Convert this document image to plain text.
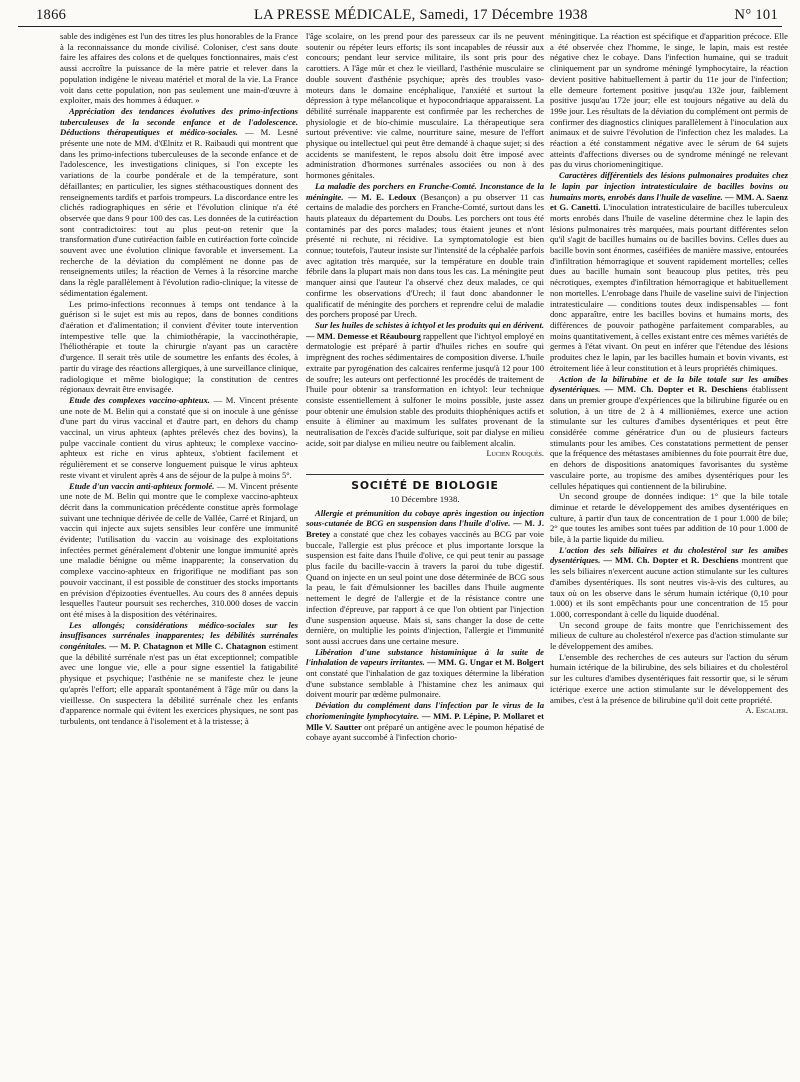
1866	LA PRESSE MÉDICALE, Samedi, 17 Décembre 1938	N° 101

sable des indigènes est l'un des titres les plus honorables de la France à la reconnaissance du monde civilisé. Coloniser, c'est sans doute faire les affaires des colons et de quelques fonctionnaires, mais c'est aussi accroître la puissance de la mère patrie et relever dans la population indigène le niveau matériel et moral de la vie. La France voit dans cette population, non pas seulement une main-d'œuvre à exploiter, mais des hommes à éduquer. »

Appréciation des tendances évolutives des primo-infections tuberculeuses de la seconde enfance et de l'adolescence. Déductions thérapeutiques et médico-sociales. — M. Lesné présente une note de MM. d'Œlnitz et R. Raibaudi qui montrent que dans les primo-infections tuberculeuses de la seconde enfance et de l'adolescence, les investigations cliniques, si l'on excepte les variations de la courbe pondérale et de la température, sont défaillantes; en particulier, les signes stéthacoustiques donnent des renseignements tardifs et parfois trompeurs. La discordance entre les clichés radiographiques en série et l'évolution clinique n'a été observée que dans 9 pour 100 des cas. Les données de la cutiréaction sont contradictoires: tout au plus peut-on retenir que la transformation d'une cutiréaction faible en cutiréaction forte coïncide souvent avec une évolution clinique favorable et inversement. La recherche de la déviation du complément ne donne pas de renseignements utiles; la réaction de Vernes à la résorcine marche dans la règle parallèlement à l'évolution radio-clinique; la vitesse de sédimentation également.

Les primo-infections reconnues à temps ont tendance à la guérison si le sujet est mis au repos, dans de bonnes conditions d'aération et d'alimentation; il convient d'éviter toute intervention intempestive telle que la chimiothérapie, la vaccinothérapie, l'héliothérapie et toute la chirurgie n'ayant pas un caractère d'urgence. Il serait très utile de soumettre les enfants des écoles, à partir du virage des réactions allergiques, à une surveillance clinique, radiologique et même biologique; la constitution de centres régionaux devrait être envisagée.

Etude des complexes vaccino-aphteux. — M. Vincent présente une note de M. Belin qui a constaté que si on inocule à une génisse d'une part du virus vaccinal et d'autre part, en dehors du champ vaccinal, un virus aphteux (aphtes prélevés chez des bovins), la pulpe vaccinale contient du virus aphteux; le complexe vaccino-aphteux est riche en virus aphteux, s'obtient facilement et régulièrement et se conserve longuement puisque le virus aphteux reste vivant et virulent après 4 ans de séjour de la pulpe à moins 5°.

Etude d'un vaccin anti-aphteux formolé. — M. Vincent présente une note de M. Belin qui montre que le complexe vaccino-aphteux décrit dans la communication précédente constitue après formolage suivant une technique dérivée de celle de Vallée, Carré et Rinjard, un vaccin qui injecte aux sujets sensibles leur confère une immunité évidente; l'utilisation du vaccin au voisinage des exploitations infectées permet généralement d'obtenir une longue immunité après une maladie bénigne ou même inapparente; la conservation du complexe vaccino-aphteux en frigorifique ne modifiant pas son pouvoir vaccinant, il est possible de constituer des stocks importants en prévision d'épizooties éventuelles. Au cours des 8 années depuis lesquelles l'auteur poursuit ses recherches, 310.000 doses de vaccin ont été mises à la disposition des vétérinaires.

Les allongés; considérations médico-sociales sur les insuffisances surrénales inapparentes; les débilités surrénales congénitales. — M. P. Chatagnon et Mlle C. Chatagnon estiment que la débilité surrénale n'est pas un état exceptionnel; compatible avec une longue vie, elle a pour signe essentiel la fatigabilité physique et psychique; l'asthénie ne se manifeste chez le jeune qu'après l'effort; elle apparaît spontanément à l'âge mûr ou dans la vieillesse. On suspectera la débilité surrénale chez les enfants d'apparence normale qui évitent les exercices physiques, ne sont pas turbulents, ont tendance à l'isolement et à la tristesse; à

l'âge scolaire, on les prend pour des paresseux car ils ne peuvent soutenir ou répéter leurs efforts; ils sont incapables de réussir aux concours; pendant leur service militaire, ils sont pris pour des carottiers. A l'âge mûr et chez le vieillard, l'asthénie musculaire se double souvent d'asthénie psychique; après des troubles vaso-moteurs dans le domaine encéphalique, l'anxiété et surtout la dépression à type mélancolique et hypocondriaque apparaissent. La débilité surrénale inapparente est confirmée par les recherches de physiologie et de bio-chimie musculaire. La thérapeutique sera surtout préventive: vie calme, nourriture saine, mesure de l'effort physique ou intellectuel qui peut être demandé à chaque sujet; si des accidents se manifestent, le repos absolu doit être imposé avec administration d'hormones surrénales associées ou non à des hormones génitales.

La maladie des porchers en Franche-Comté. Inconstance de la méningite. — M. E. Ledoux (Besançon) a pu observer 11 cas certains de maladie des porchers en Franche-Comté, surtout dans les hauts plateaux du département du Doubs. Les porchers ont tous été contaminés par des porcs malades; tous étaient jeunes et n'ont présenté ni rechute, ni récidive. La symptomatologie est bien connue; toutefois, l'auteur insiste sur l'intensité de la céphalée parfois avec agitation très marquée, sur la température en double train fébrile dans la plupart mais non dans tous les cas. La méningite peut manquer ainsi que l'auteur l'a observé chez deux malades, ce qui confirme les observations d'Urech; il faut donc abandonner le qualificatif de méningite des porchers et reprendre celui de maladie des porchers proposé par Urech.

Sur les huiles de schistes à ichtyol et les produits qui en dérivent. — MM. Demesse et Réaubourg rappellent que l'ichtyol employé en dermatologie est préparé à partir d'huiles riches en soufre qui imprègnent des roches sédimentaires de composition diverse. L'huile extraite par pyrogénation des calcaires renferme jusqu'à 12 pour 100 de soufre; les auteurs ont perfectionné les procédés de traitement de l'huile pour obtenir sa transformation en ichtyol: leur technique consiste essentiellement à sulfoner le moins possible, juste assez pour obtenir une émulsion stable des produits thiophéniques actifs et ensuite à éliminer au maximum les sulfates provenant de la neutralisation de l'excès d'acide sulfurique, soit par dialyse en milieu acide, soit par dialyse en milieu neutre ou faiblement alcalin.

Lucien Rouquès.
SOCIÉTÉ DE BIOLOGIE
10 Décembre 1938.

Allergie et prémunition du cobaye après ingestion ou injection sous-cutanée de BCG en suspension dans l'huile d'olive. — M. J. Bretey a constaté que chez les cobayes vaccinés au BCG par voie buccale, l'allergie est plus précoce et plus importante lorsque la suspension est faite dans l'huile d'olive, ce qui peut tenir au passage plus facile du bacille-vaccin à travers la paroi du tube digestif. Quand on injecte en un seul point une dose déterminée de BCG sous la peau, le fait d'émulsionner les bacilles dans l'huile augmente nettement le degré de l'allergie et de la résistance contre une infection d'épreuve, par rapport à ce que l'on obtient par l'injection d'une suspension aqueuse. Mais si, sans changer la dose de cette dernière, on multiplie les points d'injection, l'allergie et l'immunité sont aussi accrues dans une certaine mesure.

Libération d'une substance histaminique à la suite de l'inhalation de vapeurs irritantes. — MM. G. Ungar et M. Bolgert ont constaté que l'inhalation de gaz toxiques détermine la libération d'une substance semblable à l'histamine chez les animaux qui doivent mourir par œdème pulmonaire.

Déviation du complément dans l'infection par le virus de la choriomeningite lymphocytaire. — MM. P. Lépine, P. Mollaret et Mlle V. Sautter ont préparé un antigène avec le poumon hépatisé de cobaye ayant succombé à l'infection chorio-

méningitique. La réaction est spécifique et d'apparition précoce. Elle a été observée chez l'homme, le singe, le lapin, mais est restée négative chez le cobaye. Dans l'infection humaine, qui se traduit cliniquement par un syndrome méningé lymphocytaire, la réaction devient positive habituellement à partir du 11e jour de l'infection; elle demeure fortement positive jusqu'au 132e jour, faiblement positive jusqu'au 172e jour; elle est toujours négative au delà du 199e jour. Les résultats de la déviation du complément ont permis de confirmer des diagnostics cliniques parallèlement à l'inoculation aux animaux et de suivre l'évolution de l'infection chez les malades. La réaction a été constamment négative avec le sérum de 64 sujets atteints d'affections diverses ou de syndrome méningé ne relevant pas du virus choriomeningitique.

Caractères différentiels des lésions pulmonaires produites chez le lapin par injection intratesticulaire de bacilles bovins ou humains morts, enrobés dans l'huile de vaseline. — MM. A. Saenz et G. Canetti. L'inoculation intratesticulaire de bacilles tuberculeux morts enrobés dans l'huile de vaseline détermine chez le lapin des lésions pulmonaires très marquées, mais pourtant différentes selon qu'il s'agit de bacilles humains ou de bacilles bovins. Celles dues au bacille bovin sont énormes, caséifiées de manière massive, entourées d'infiltration hémorragique et souvent rapidement mortelles; celles dues au bacille humain sont beaucoup plus petites, très peu nécrotiques, exemptes d'infiltration hémorragique et habituellement non mortelles. L'enrobage dans l'huile de vaseline suivi de l'injection intratesticulaire — conditions toutes deux indispensables — font donc apparaître, entre les bacilles bovins et humains morts, des différences de pouvoir pathogène parfaitement comparables, au moins quantitativement, à celles existant entre ces mêmes variétés de germes à l'état vivant. On peut en inférer que l'étendue des lésions produites chez le lapin, par les bacilles humain et bovin vivants, est étroitement liée à leur constitution et à leurs propriétés chimiques.

Action de la bilirubine et de la bile totale sur les amibes dysentériques. — MM. Ch. Dopter et R. Deschiens établissent dans un premier groupe d'expériences que la bilirubine figurée ou en solution, à un titre de 2 à 4 millionièmes, exerce une action stimulante sur les cultures d'amibes dysentériques et peut être considérée comme génératrice d'un ou de plusieurs facteurs stimulants pour les amibes. Ces constatations permettent de penser que la fréquence des métastases amibiennes du foie pourrait être due, en dehors de dispositions anatomiques favorisantes du système vasculaire porte, au tropisme des amibes dysentériques pour les cellules hépatiques qui contiennent de la bilirubine.

Un second groupe de données indique: 1° que la bile totale diminue et retarde le développement des amibes dysentériques en culture, à partir d'un taux de concentration de 1 pour 1.000 de bile; 2° que toutes les amibes sont tuées par addition de 10 pour 1.000 de bile, à la partie liquide du milieu.

L'action des sels biliaires et du cholestérol sur les amibes dysentériques. — MM. Ch. Dopter et R. Deschiens montrent que les sels biliaires n'exercent aucune action stimulante sur les cultures d'amibes dysentériques. Ils sont neutres vis-à-vis des cultures, au taux où on les observe dans le sérum humain ictérique (0,10 pour 1.000) et ils sont empêchants pour une concentration de 15 pour 1.000, correspondant à celle du liquide duodénal.

Un second groupe de faits montre que l'enrichissement des milieux de culture au cholestérol n'exerce pas d'action stimulante sur le développement des amibes.

L'ensemble des recherches de ces auteurs sur l'action du sérum humain ictérique de la bilirubine, des sels biliaires et du cholestérol sur les cultures d'amibes dysentériques fait ressortir que, si le sérum ictérique exerce une action stimulante sur le développement des amibes, c'est à la présence de bilirubine qu'il doit cette propriété.

A. Escalier.
